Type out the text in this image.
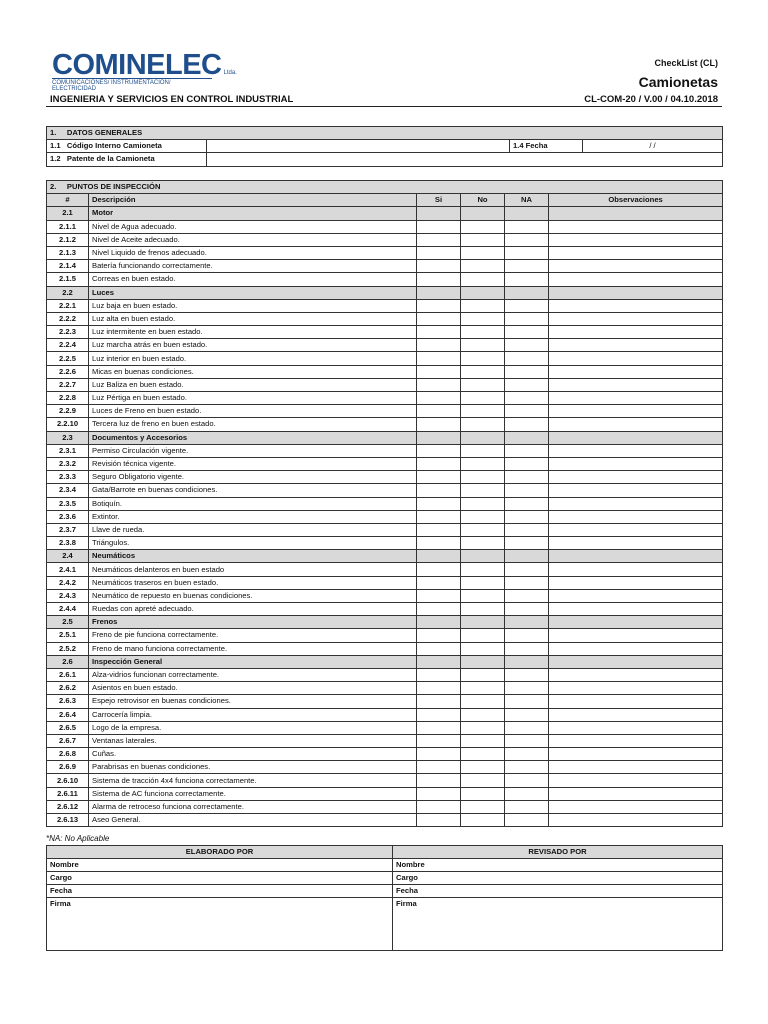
COMINELEC Ltda.
COMUNICACIONES/ INSTRUMENTACIÓN/ ELECTRICIDAD
INGENIERIA Y SERVICIOS EN CONTROL INDUSTRIAL
CheckList (CL)
Camionetas
CL-COM-20 / V.00 / 04.10.2018
1. DATOS GENERALES			
1.1 Código Interno Camioneta		1.4 Fecha	/ /
1.2 Patente de la Camioneta			
2. PUNTOS DE INSPECCIÓN					
#	Descripción	Si	No	NA	Observaciones
2.1	Motor				
2.1.1	Nivel de Agua adecuado.				
2.1.2	Nivel de Aceite adecuado.				
2.1.3	Nivel Liquido de frenos adecuado.				
2.1.4	Batería funcionando correctamente.				
2.1.5	Correas en buen estado.				
2.2	Luces				
2.2.1	Luz baja en buen estado.				
2.2.2	Luz alta en buen estado.				
2.2.3	Luz intermitente en buen estado.				
2.2.4	Luz marcha atrás en buen estado.				
2.2.5	Luz interior en buen estado.				
2.2.6	Micas en buenas condiciones.				
2.2.7	Luz Baliza en buen estado.				
2.2.8	Luz Pértiga en buen estado.				
2.2.9	Luces de Freno en buen estado.				
2.2.10	Tercera luz de freno en buen estado.				
2.3	Documentos y Accesorios				
2.3.1	Permiso Circulación vigente.				
2.3.2	Revisión técnica vigente.				
2.3.3	Seguro Obligatorio vigente.				
2.3.4	Gata/Barrote en buenas condiciones.				
2.3.5	Botiquín.				
2.3.6	Extintor.				
2.3.7	Llave de rueda.				
2.3.8	Triángulos.				
2.4	Neumáticos				
2.4.1	Neumáticos delanteros en buen estado				
2.4.2	Neumáticos traseros en buen estado.				
2.4.3	Neumático de repuesto en buenas condiciones.				
2.4.4	Ruedas con apreté adecuado.				
2.5	Frenos				
2.5.1	Freno de pie funciona correctamente.				
2.5.2	Freno de mano funciona correctamente.				
2.6	Inspección General				
2.6.1	Alza-vidrios funcionan correctamente.				
2.6.2	Asientos en buen estado.				
2.6.3	Espejo retrovisor en buenas condiciones.				
2.6.4	Carrocería limpia.				
2.6.5	Logo de la empresa.				
2.6.7	Ventanas laterales.				
2.6.8	Cuñas.				
2.6.9	Parabrisas en buenas condiciones.				
2.6.10	Sistema de tracción 4x4 funciona correctamente.				
2.6.11	Sistema de AC funciona correctamente.				
2.6.12	Alarma de retroceso funciona correctamente.				
2.6.13	Aseo General.				
*NA: No Aplicable
ELABORADO POR	REVISADO POR
Nombre	Nombre
Cargo	Cargo
Fecha	Fecha
Firma	Firma
